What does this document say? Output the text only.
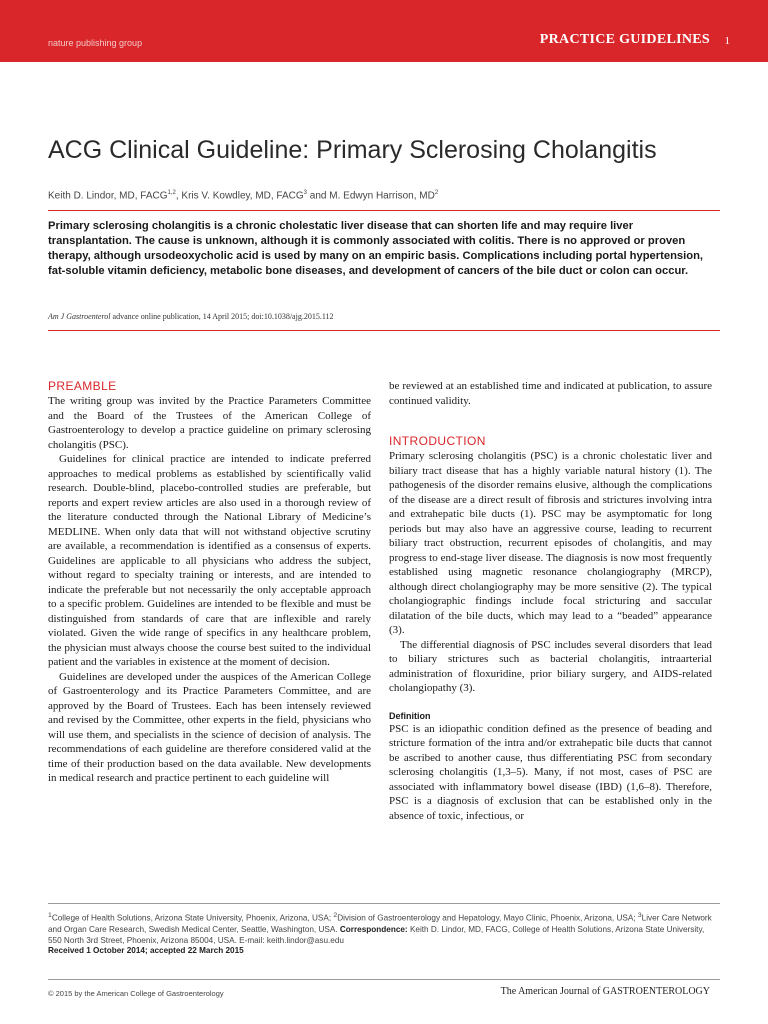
nature publishing group	PRACTICE GUIDELINES 1
ACG Clinical Guideline: Primary Sclerosing Cholangitis
Keith D. Lindor, MD, FACG$^{1,2}$, Kris V. Kowdley, MD, FACG$^3$ and M. Edwyn Harrison, $MD^2$

Primary sclerosing cholangitis is a chronic cholestatic liver disease that can shorten life and may require liver transplantation. The cause is unknown, although it is commonly associated with colitis. There is no approved or proven therapy, although ursodeoxycholic acid is used by many on an empiric basis. Complications including portal hypertension, fat-soluble vitamin deficiency, metabolic bone diseases, and development of cancers of the bile duct or colon can occur.

Am J Gastroenterol advance online publication, 14 April 2015; doi:10.1038/ajg.2015.112
PREAMBLE

The writing group was invited by the Practice Parameters Committee and the Board of the Trustees of the American College of Gastroenterology to develop a practice guideline on primary sclerosing cholangitis (PSC).

Guidelines for clinical practice are intended to indicate preferred approaches to medical problems as established by scientifically valid research. Double-blind, placebo-controlled studies are preferable, but reports and expert review articles are also used in a thorough review of the literature conducted through the National Library of Medicine’s MEDLINE. When only data that will not withstand objective scrutiny are available, a recommendation is identified as a consensus of experts. Guidelines are applicable to all physicians who address the subject, without regard to specialty training or interests, and are intended to indicate the preferable but not necessarily the only acceptable approach to a specific problem. Guidelines are intended to be flexible and must be distinguished from standards of care that are inflexible and rarely violated. Given the wide range of specifics in any healthcare problem, the physician must always choose the course best suited to the individual patient and the variables in existence at the moment of decision.

Guidelines are developed under the auspices of the American College of Gastroenterology and its Practice Parameters Committee, and are approved by the Board of Trustees. Each has been intensely reviewed and revised by the Committee, other experts in the field, physicians who will use them, and specialists in the science of decision of analysis. The recommendations of each guideline are therefore considered valid at the time of their production based on the data available. New developments in medical research and practice pertinent to each guideline will

be reviewed at an established time and indicated at publication, to assure continued validity.

INTRODUCTION

Primary sclerosing cholangitis (PSC) is a chronic cholestatic liver and biliary tract disease that has a highly variable natural history (1). The pathogenesis of the disorder remains elusive, although the complications of the disease are a direct result of fibrosis and strictures involving intra and extrahepatic bile ducts (1). PSC may be asymptomatic for long periods but may also have an aggressive course, leading to recurrent biliary tract obstruction, recurrent episodes of cholangitis, and may progress to end-stage liver disease. The diagnosis is now most frequently established using magnetic resonance cholangiography (MRCP), although direct cholangiography may be more sensitive (2). The typical cholangiographic findings include focal stricturing and saccular dilatation of the bile ducts, which may lead to a “beaded” appearance (3).

The differential diagnosis of PSC includes several disorders that lead to biliary strictures such as bacterial cholangitis, intraarterial administration of floxuridine, prior biliary surgery, and AIDS-related cholangiopathy (3).

Definition

PSC is an idiopathic condition defined as the presence of beading and stricture formation of the intra and/or extrahepatic bile ducts that cannot be ascribed to another cause, thus differentiating PSC from secondary sclerosing cholangitis (1,3–5). Many, if not most, cases of PSC are associated with inflammatory bowel disease (IBD) (1,6–8). Therefore, PSC is a diagnosis of exclusion that can be established only in the absence of toxic, infectious, or

$^1$College of Health Solutions, Arizona State University, Phoenix, Arizona, USA; $^2$Division of Gastroenterology and Hepatology, Mayo Clinic, Phoenix, Arizona, USA; $^3$Liver Care Network and Organ Care Research, Swedish Medical Center, Seattle, Washington, USA. Correspondence: Keith D. Lindor, MD, FACG, College of Health Solutions, Arizona State University, 550 North 3rd Street, Phoenix, Arizona 85004, USA. E-mail: keith.lindor@asu.edu

Received 1 October 2014; accepted 22 March 2015
© 2015 by the American College of Gastroenterology	The American Journal of GASTROENTEROLOGY
